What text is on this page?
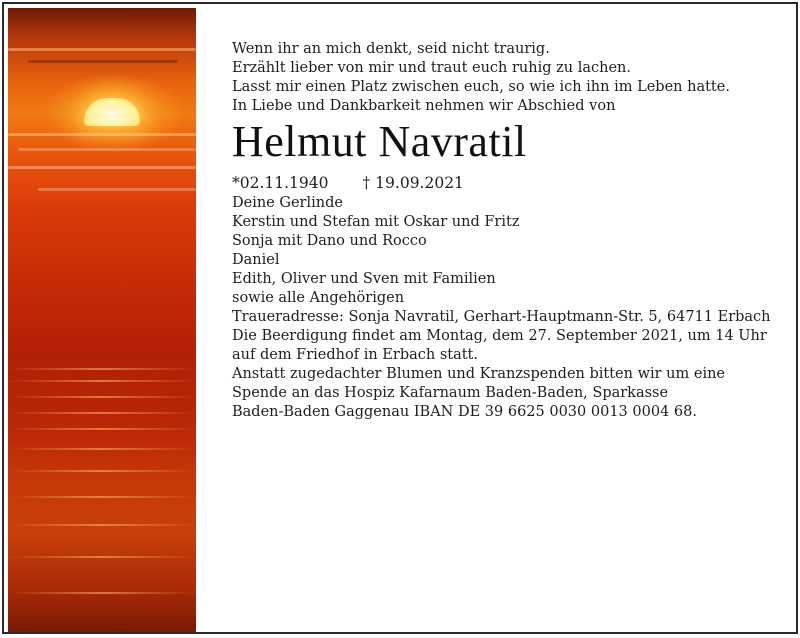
Wenn ihr an mich denkt, seid nicht traurig.
Erzählt lieber von mir und traut euch ruhig zu lachen.
Lasst mir einen Platz zwischen euch, so wie ich ihn im Leben hatte.

In Liebe und Dankbarkeit nehmen wir Abschied von

Helmut Navratil

*02.11.1940 † 19.09.2021

Deine Gerlinde
Kerstin und Stefan mit Oskar und Fritz
Sonja mit Dano und Rocco
Daniel
Edith, Oliver und Sven mit Familien
sowie alle Angehörigen

Traueradresse: Sonja Navratil, Gerhart-Hauptmann-Str. 5, 64711 Erbach

Die Beerdigung findet am Montag, dem 27. September 2021, um 14 Uhr
auf dem Friedhof in Erbach statt.

Anstatt zugedachter Blumen und Kranzspenden bitten wir um eine
Spende an das Hospiz Kafarnaum Baden-Baden, Sparkasse
Baden-Baden Gaggenau IBAN DE 39 6625 0030 0013 0004 68.
